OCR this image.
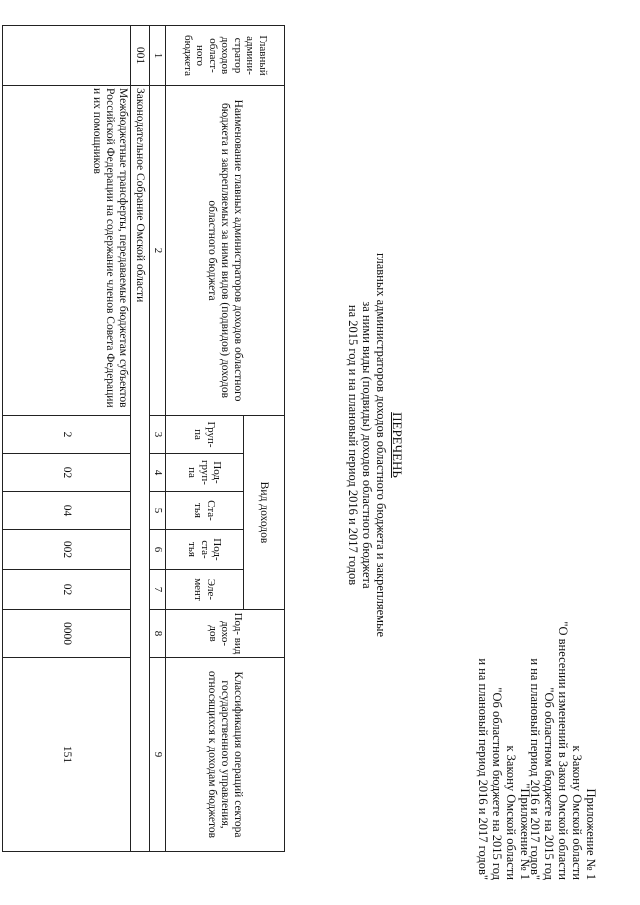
Приложение № 1
к Закону Омской области
"О внесении изменений в Закон Омской области
"Об областном бюджете на 2015 год
и на плановый период 2016 и 2017 годов"
"Приложение № 1
к Закону Омской области
"Об областном бюджете на 2015 год
и на плановый период 2016 и 2017 годов"
ПЕРЕЧЕНЬ
главных администраторов доходов областного бюджета и закрепляемые
за ними виды (подвиды) доходов областного бюджета
на 2015 год и на плановый период 2016 и 2017 годов
Главный админи- стратор доходов област- ного бюджета	Наименование главных администраторов доходов областного бюджета и закрепляемых за ними видов (подвидов) доходов областного бюджета	Вид доходов					Под- вид дохо- дов	Классификация операций сектора государственного управления, относящихся к доходам бюджетов
		Груп- па	Под- груп- па	Ста- тья	Под- ста- тья	Эле- мент		
1	2	3	4	5	6	7	8	9
001	Законодательное Собрание Омской области							
	Межбюджетные трансферты, передаваемые бюджетам субъектов Российской Федерации на содержание членов Совета Федерации и их помощников	2	02	04	002	02	0000	151
